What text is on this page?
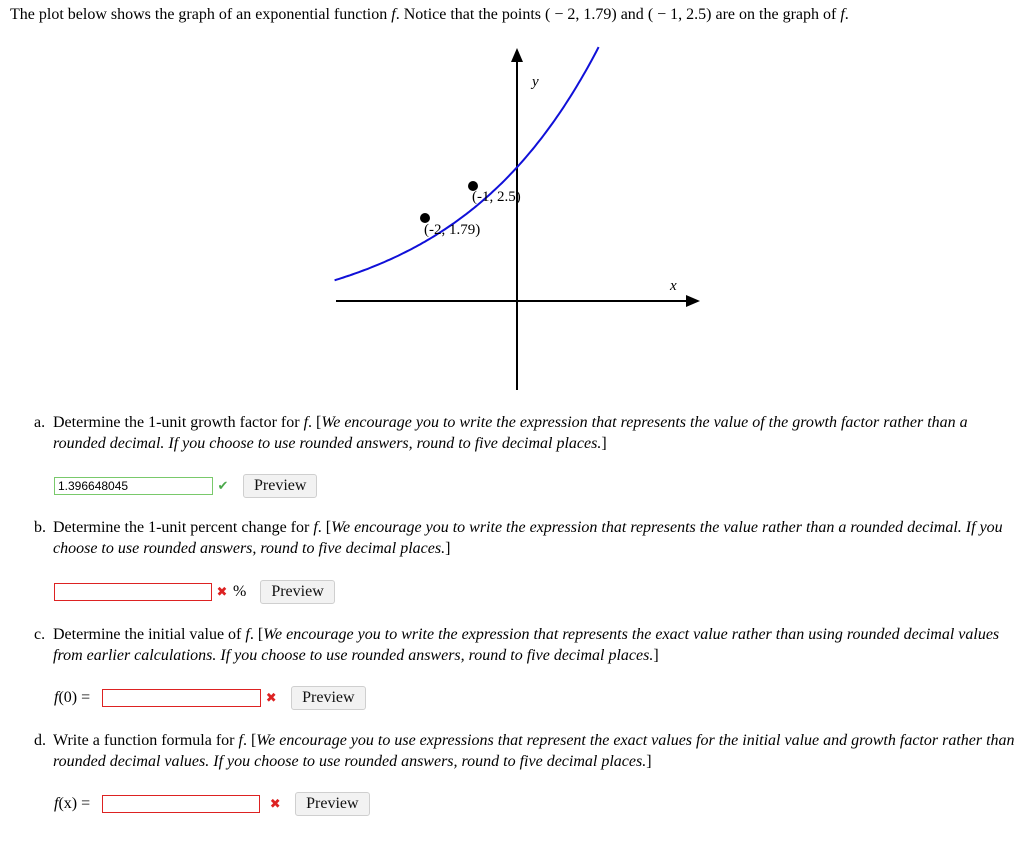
The plot below shows the graph of an exponential function f. Notice that the points ( − 2, 1.79) and ( − 1, 2.5) are on the graph of f.
y
x
(-1, 2.5)
(-2, 1.79)
a. Determine the 1-unit growth factor for f. [We encourage you to write the expression that represents the value of the growth factor rather than a rounded decimal. If you choose to use rounded answers, round to five decimal places.]
1.396648045
✔	Preview
b. Determine the 1-unit percent change for f. [We encourage you to write the expression that represents the value rather than a rounded decimal. If you choose to use rounded answers, round to five decimal places.]
✖ %	Preview
c. Determine the initial value of f. [We encourage you to write the expression that represents the exact value rather than using rounded decimal values from earlier calculations. If you choose to use rounded answers, round to five decimal places.]
f(0) =	✖	Preview
d. Write a function formula for f. [We encourage you to use expressions that represent the exact values for the initial value and growth factor rather than rounded decimal values. If you choose to use rounded answers, round to five decimal places.]
f(x) =	✖	Preview
